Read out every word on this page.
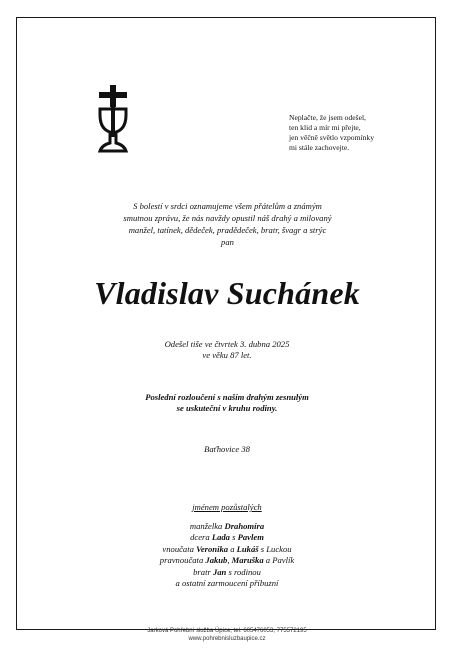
Neplačte, že jsem odešel,
ten klid a mír mi přejte,
jen věčně světlo vzpomínky
mi stále zachovejte.
S bolestí v srdci oznamujeme všem přátelům a známým
smutnou zprávu, že nás navždy opustil náš drahý a milovaný
manžel, tatínek, dědeček, pradědeček, bratr, švagr a strýc
pan
Vladislav Suchánek
Odešel tiše ve čtvrtek 3. dubna 2025
ve věku 87 let.
Poslední rozloučení s naším drahým zesnulým
se uskuteční v kruhu rodiny.
Baťhovice 38
jménem pozůstalých
manželka Drahomíra
dcera Lada s Pavlem
vnoučata Veronika a Lukáš s Luckou
pravnoučata Jakub, Maruška a Pavlík
bratr Jan s rodinou
a ostatní zarmoucení příbuzní
Jarková Pohřební služba Úpice, tel. 605476053, 775572195
www.pohrebnisluzbaupice.cz
